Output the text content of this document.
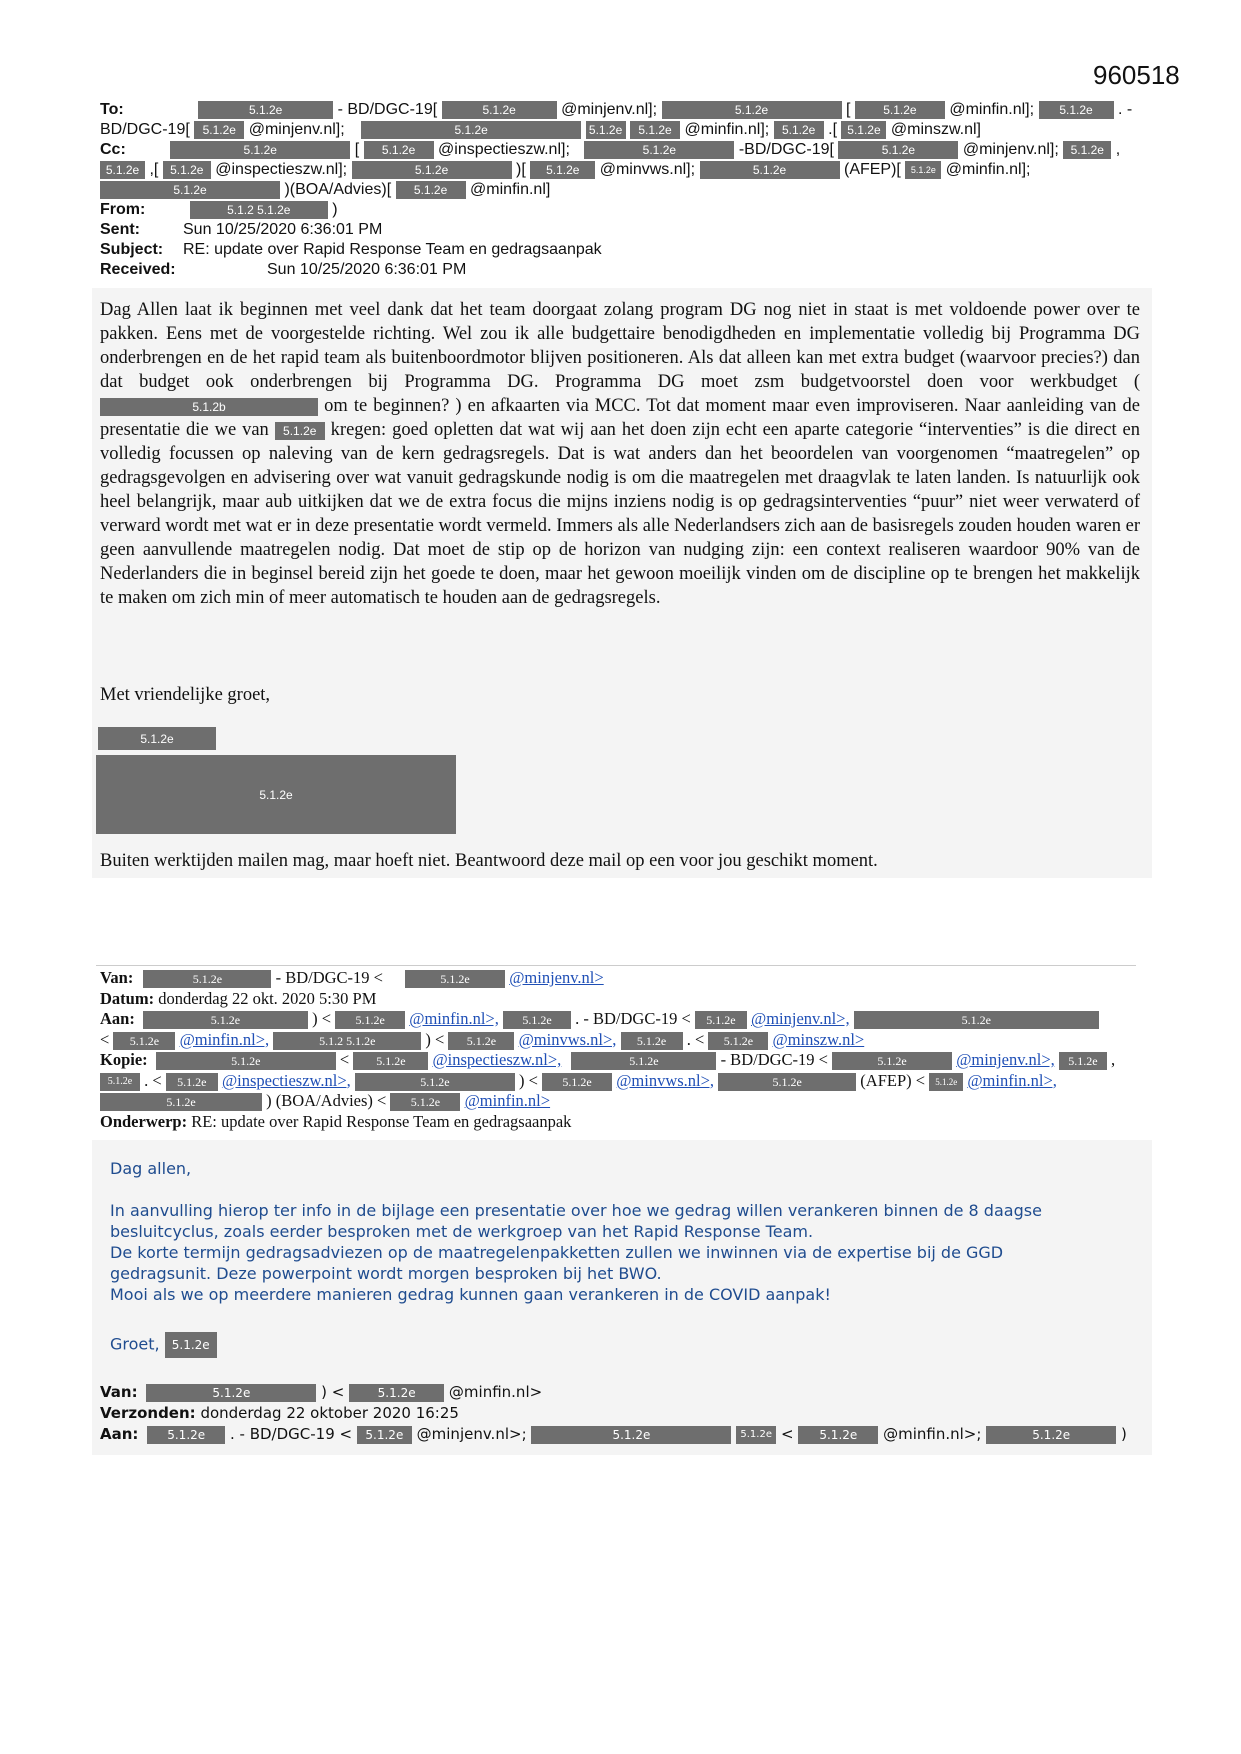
960518
To:	5.1.2e	- BD/DGC-19[	5.1.2e	@minjenv.nl];	5.1.2e	[	5.1.2e @minfin.nl]; 5.1.2e . -
BD/DGC-19[ 5.1.2e @minjenv.nl];	5.1.2e	5.1.2e 5.1.2e @minfin.nl]; 5.1.2e .[ 5.1.2e @minszw.nl]
Cc:	5.1.2e	[ 5.1.2e @inspectieszw.nl];	5.1.2e	-BD/DGC-19[	5.1.2e	@minjenv.nl]; 5.1.2e ,
5.1.2e ,[ 5.1.2e @inspectieszw.nl];	5.1.2e	)[ 5.1.2e @minvws.nl];	5.1.2e	(AFEP)[ 5.1.2e @minfin.nl];
5.1.2e	)(BOA/Advies)[ 5.1.2e @minfin.nl]
From:	5.1.2 5.1.2e	)
Sent:	Sun 10/25/2020 6:36:01 PM
Subject: RE: update over Rapid Response Team en gedragsaanpak
Received:	Sun 10/25/2020 6:36:01 PM
Dag Allen laat ik beginnen met veel dank dat het team doorgaat zolang program DG nog niet in staat is met voldoende power over te pakken. Eens met de voorgestelde richting. Wel zou ik alle budgettaire benodigdheden en implementatie volledig bij Programma DG onderbrengen en de het rapid team als buitenboordmotor blijven positioneren. Als dat alleen kan met extra budget (waarvoor precies?) dan dat budget ook onderbrengen bij Programma DG. Programma DG moet zsm budgetvoorstel doen voor werkbudget ( 5.1.2b	om te beginnen? ) en afkaarten via MCC. Tot dat moment maar even improviseren. Naar aanleiding van de presentatie die we van 5.1.2e kregen: goed opletten dat wat wij aan het doen zijn echt een aparte categorie “interventies” is die direct en volledig focussen op naleving van de kern gedragsregels. Dat is wat anders dan het beoordelen van voorgenomen “maatregelen” op gedragsgevolgen en advisering over wat vanuit gedragskunde nodig is om die maatregelen met draagvlak te laten landen. Is natuurlijk ook heel belangrijk, maar aub uitkijken dat we de extra focus die mijns inziens nodig is op gedragsinterventies “puur” niet weer verwaterd of verward wordt met wat er in deze presentatie wordt vermeld. Immers als alle Nederlandsers zich aan de basisregels zouden houden waren er geen aanvullende maatregelen nodig. Dat moet de stip op de horizon van nudging zijn: een context realiseren waardoor 90% van de Nederlanders die in beginsel bereid zijn het goede te doen, maar het gewoon moeilijk vinden om de discipline op te brengen het makkelijk te maken om zich min of meer automatisch te houden aan de gedragsregels.
Met vriendelijke groet,
5.1.2e
5.1.2e
Buiten werktijden mailen mag, maar hoeft niet. Beantwoord deze mail op een voor jou geschikt moment.
Van:	5.1.2e	- BD/DGC-19 <	5.1.2e @minjenv.nl>
Datum: donderdag 22 okt. 2020 5:30 PM
Aan:	5.1.2e	) < 5.1.2e @minfin.nl>, 5.1.2e . - BD/DGC-19 < 5.1.2e @minjenv.nl>,	5.1.2e
< 5.1.2e @minfin.nl>,	5.1.2 5.1.2e	) < 5.1.2e @minvws.nl>, 5.1.2e . < 5.1.2e @minszw.nl>
Kopie:	5.1.2e	< 5.1.2e @inspectieszw.nl>,	5.1.2e	- BD/DGC-19 <	5.1.2e	@minjenv.nl>, 5.1.2e ,
5.1.2e . < 5.1.2e @inspectieszw.nl>,	5.1.2e	) < 5.1.2e @minvws.nl>,	5.1.2e	(AFEP) < 5.1.2e @minfin.nl>,
5.1.2e	) (BOA/Advies) < 5.1.2e @minfin.nl>
Onderwerp: RE: update over Rapid Response Team en gedragsaanpak
Dag allen,
In aanvulling hierop ter info in de bijlage een presentatie over hoe we gedrag willen verankeren binnen de 8 daagse
besluitcyclus, zoals eerder besproken met de werkgroep van het Rapid Response Team.
De korte termijn gedragsadviezen op de maatregelenpakketten zullen we inwinnen via de expertise bij de GGD
gedragsunit. Deze powerpoint wordt morgen besproken bij het BWO.
Mooi als we op meerdere manieren gedrag kunnen gaan verankeren in de COVID aanpak!
Groet, 5.1.2e
Van:	5.1.2e	) <	5.1.2e @minfin.nl>
Verzonden: donderdag 22 oktober 2020 16:25
Aan: 5.1.2e . - BD/DGC-19 < 5.1.2e @minjenv.nl>;	5.1.2e	5.1.2e < 5.1.2e @minfin.nl>;	5.1.2e	)
